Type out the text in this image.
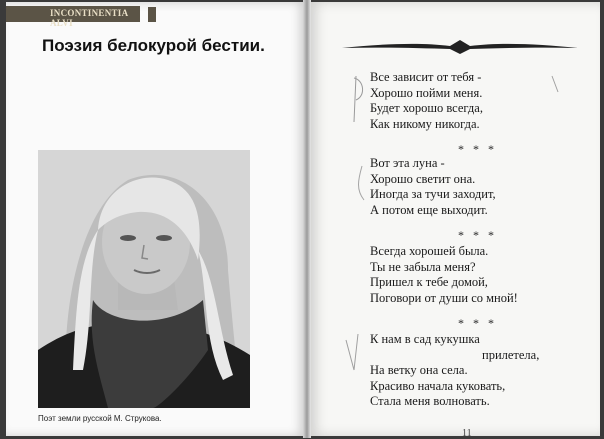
INCONTINENTIA ALVI
Поэзия белокурой бестии.
Поэт земли русской М. Струкова.
Все зависит от тебя -
Хорошо пойми меня.
Будет хорошо всегда,
Как никому никогда.
* * *
Вот эта луна -
Хорошо светит она.
Иногда за тучи заходит,
А потом еще выходит.
* * *
Всегда хорошей была.
Ты не забыла меня?
Пришел к тебе домой,
Поговори от души со мной!
* * *
К нам в сад кукушка
прилетела,
На ветку она села.
Красиво начала куковать,
Стала меня волновать.
11
